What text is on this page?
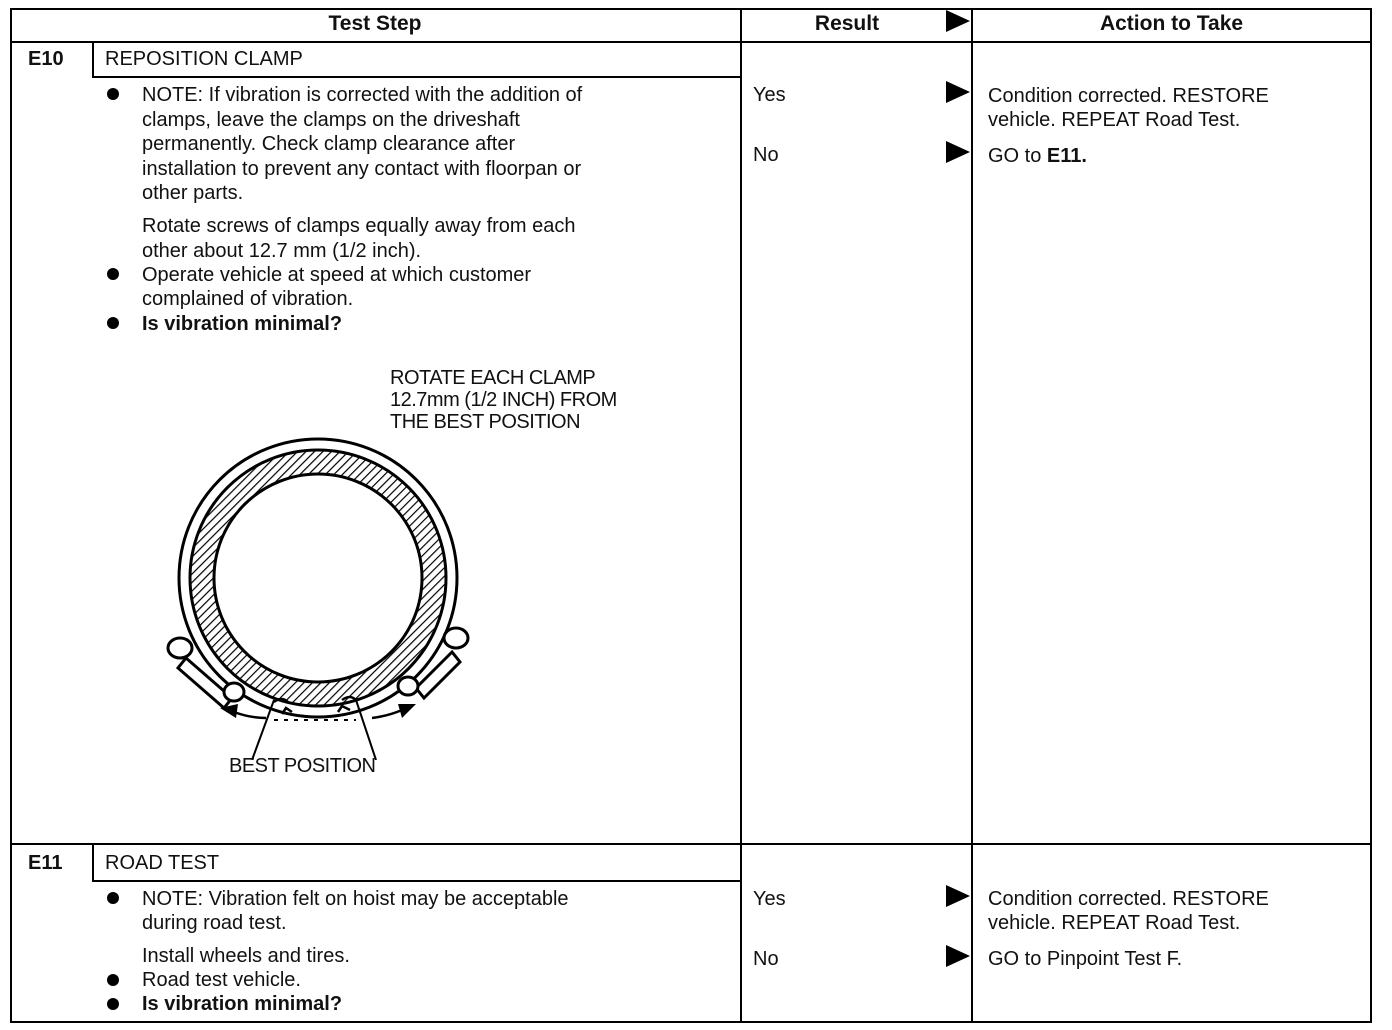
Test Step	Result	Action to Take
E10 REPOSITION CLAMP
NOTE: If vibration is corrected with the addition of
clamps, leave the clamps on the driveshaft
permanently. Check clamp clearance after
installation to prevent any contact with floorpan or
other parts.
Rotate screws of clamps equally away from each
other about 12.7 mm (1/2 inch).
Operate vehicle at speed at which customer
complained of vibration.
Is vibration minimal?
ROTATE EACH CLAMP
12.7mm (1/2 INCH) FROM
THE BEST POSITION
BEST POSITION
Yes
No
Condition corrected. RESTORE
vehicle. REPEAT Road Test.
GO to E11.
E11 ROAD TEST
NOTE: Vibration felt on hoist may be acceptable
during road test.
Install wheels and tires.
Road test vehicle.
Is vibration minimal?
Yes
No
Condition corrected. RESTORE
vehicle. REPEAT Road Test.
GO to Pinpoint Test F.
